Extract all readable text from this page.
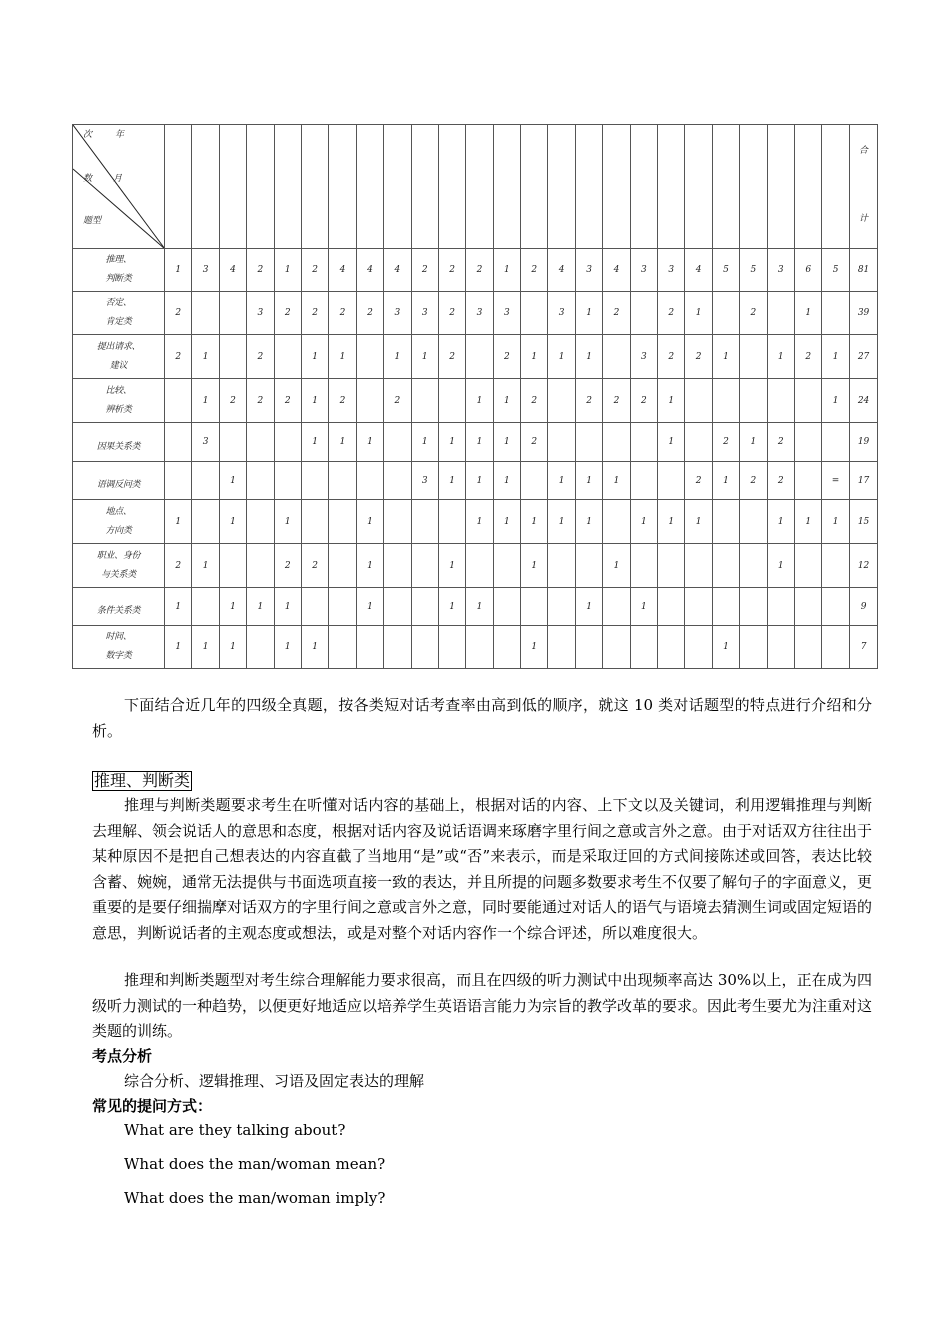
次 年
数 月
题型																										合
计

推理、
判断类	1	3	4	2	1	2	4	4	4	2	2	2	1	2	4	3	4	3	3	4	5	5	3	6	5	81

否定、
肯定类	2			3	2	2	2	2	3	3	2	3	3		3	1	2		2	1		2		1		39

提出请求、
建议	2	1		2		1	1		1	1	2		2	1	1	1		3	2	2	1		1	2	1	27

比较、
辨析类		1	2	2	2	1	2		2			1	1	2		2	2	2	1						1	24

因果关系类		3				1	1	1		1	1	1	1	2					1		2	1	2			19

语调反问类			1							3	1	1	1		1	1	1			2	1	2	2		=	17

地点、
方向类	1		1		1			1				1	1	1	1	1		1	1	1			1	1	1	15

职业、身份
与关系类	2	1			2	2		1			1			1			1						1			12

条件关系类	1		1	1	1			1			1	1				1		1								9

时间、
数字类	1	1	1		1	1								1							1					7
下面结合近几年的四级全真题，按各类短对话考查率由高到低的顺序，就这 10 类对话题型的特点进行介绍和分析。
推理、判断类
推理与判断类题要求考生在听懂对话内容的基础上，根据对话的内容、上下文以及关键词，利用逻辑推理与判断去理解、领会说话人的意思和态度，根据对话内容及说话语调来琢磨字里行间之意或言外之意。由于对话双方往往出于某种原因不是把自己想表达的内容直截了当地用“是”或“否”来表示，而是采取迂回的方式间接陈述或回答，表达比较含蓄、婉婉，通常无法提供与书面选项直接一致的表达，并且所提的问题多数要求考生不仅要了解句子的字面意义，更重要的是要仔细揣摩对话双方的字里行间之意或言外之意，同时要能通过对话人的语气与语境去猜测生词或固定短语的意思，判断说话者的主观态度或想法，或是对整个对话内容作一个综合评述，所以难度很大。
推理和判断类题型对考生综合理解能力要求很高，而且在四级的听力测试中出现频率高达 30%以上，正在成为四级听力测试的一种趋势，以便更好地适应以培养学生英语语言能力为宗旨的教学改革的要求。因此考生要尤为注重对这类题的训练。
考点分析
综合分析、逻辑推理、习语及固定表达的理解
常见的提问方式：
What are they talking about?
What does the man/woman mean?
What does the man/woman imply?
